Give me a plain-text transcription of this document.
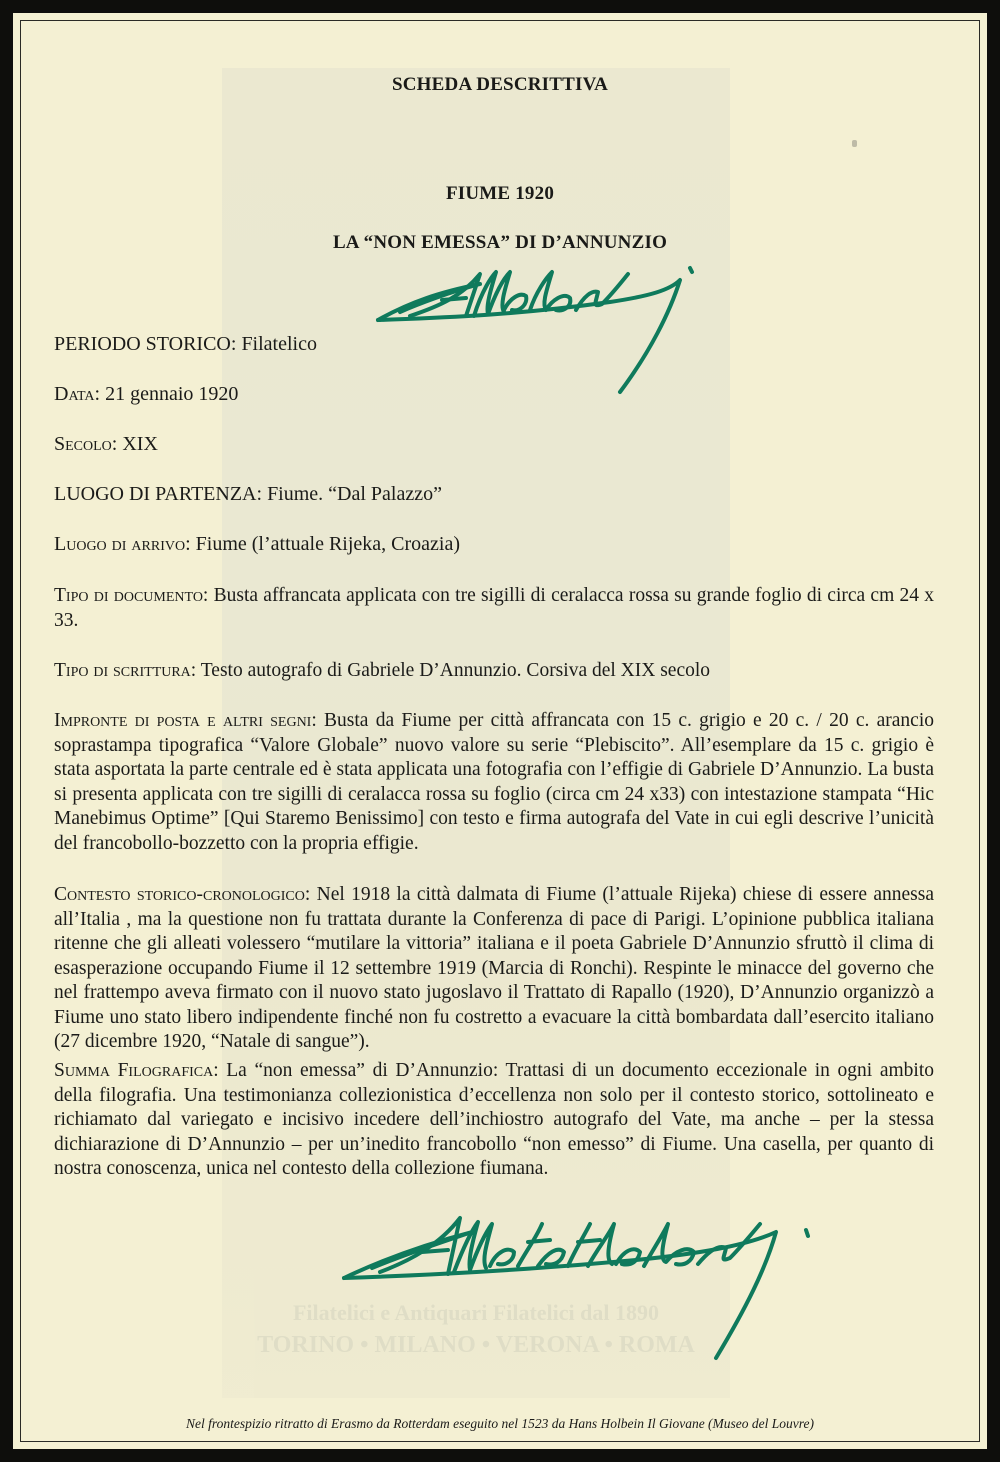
Filatelici e Antiquari Filatelici dal 1890
TORINO • MILANO • VERONA • ROMA
SCHEDA DESCRITTIVA
FIUME 1920
LA “NON EMESSA” DI D’ANNUNZIO
PERIODO STORICO: Filatelico
Data: 21 gennaio 1920
Secolo: XIX
LUOGO DI PARTENZA: Fiume. “Dal Palazzo”
Luogo di arrivo: Fiume (l’attuale Rijeka, Croazia)
Tipo di documento: Busta affrancata applicata con tre sigilli di ceralacca rossa su grande foglio di circa cm 24 x 33.
Tipo di scrittura: Testo autografo di Gabriele D’Annunzio. Corsiva del XIX secolo
Impronte di posta e altri segni: Busta da Fiume per città affrancata con 15 c. grigio e 20 c. / 20 c. arancio soprastampa tipografica “Valore Globale” nuovo valore su serie “Plebiscito”. All’esemplare da 15 c. grigio è stata asportata la parte centrale ed è stata applicata una fotografia con l’effigie di Gabriele D’Annunzio. La busta si presenta applicata con tre sigilli di ceralacca rossa su foglio (circa cm 24 x33) con intestazione stampata “Hic Manebimus Optime” [Qui Staremo Benissimo] con testo e firma autografa del Vate in cui egli descrive l’unicità del francobollo-bozzetto con la propria effigie.
Contesto storico-cronologico: Nel 1918 la città dalmata di Fiume (l’attuale Rijeka) chiese di essere annessa all’Italia , ma la questione non fu trattata durante la Conferenza di pace di Parigi. L’opinione pubblica italiana ritenne che gli alleati volessero “mutilare la vittoria” italiana e il poeta Gabriele D’Annunzio sfruttò il clima di esasperazione occupando Fiume il 12 settembre 1919 (Marcia di Ronchi). Respinte le minacce del governo che nel frattempo aveva firmato con il nuovo stato jugoslavo il Trattato di Rapallo (1920), D’Annunzio organizzò a Fiume uno stato libero indipendente finché non fu costretto a evacuare la città bombardata dall’esercito italiano (27 dicembre 1920, “Natale di sangue”).
Summa Filografica: La “non emessa” di D’Annunzio: Trattasi di un documento eccezionale in ogni ambito della filografia. Una testimonianza collezionistica d’eccellenza non solo per il contesto storico, sottolineato e richiamato dal variegato e incisivo incedere dell’inchiostro autografo del Vate, ma anche – per la stessa dichiarazione di D’Annunzio – per un’inedito francobollo “non emesso” di Fiume. Una casella, per quanto di nostra conoscenza, unica nel contesto della collezione fiumana.
Nel frontespizio ritratto di Erasmo da Rotterdam eseguito nel 1523 da Hans Holbein Il Giovane (Museo del Louvre)
